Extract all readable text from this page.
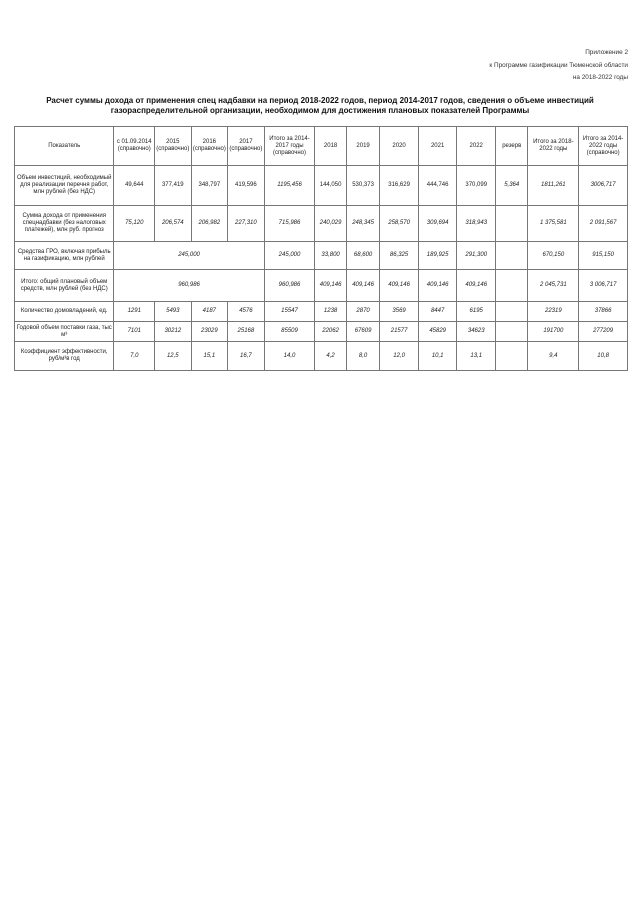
Приложение 2
к Программе газификации Тюменской области
на 2018-2022 годы
Расчет суммы дохода от применения спец надбавки на период 2018-2022 годов, период 2014-2017 годов, сведения о объеме инвестиций газораспределительной организации, необходимом для достижения плановых показателей Программы
Показатель	с 01.09.2014 (справочно)	2015 (справочно)	2016 (справочно)	2017 (справочно)	Итого за 2014-2017 годы (справочно)	2018	2019	2020	2021	2022	резерв	Итого за 2018-2022 годы	Итого за 2014-2022 годы (справочно)
Объем инвестиций, необходимый для реализации перечня работ, млн рублей (без НДС)	49,644	377,419	348,797	419,596	1195,456	144,050	530,373	316,629	444,746	370,099	5,364	1811,261	3006,717
Сумма дохода от применения спецнадбавки (без налоговых платежей), млн руб. прогноз	75,120	206,574	206,982	227,310	715,986	240,029	248,345	258,570	309,694	318,943		1 375,581	2 091,567
Средства ГРО, включая прибыль на газификацию, млн рублей	245,000				245,000	33,800	68,600	86,325	189,925	291,300		670,150	915,150
Итого: общий плановый объем средств, млн рублей (без НДС)	960,986				960,986	409,146	409,146	409,146	409,146	409,146		2 045,731	3 006,717
Количество домовладений, ед.	1291	5493	4187	4576	15547	1238	2870	3569	8447	6195		22319	37866
Годовой объем поставки газа, тыс м³	7101	30212	23029	25168	85509	22062	67609	21577	45829	34623		191700	277209
Коэффициент эффективности, руб/м³в год	7,0	12,5	15,1	16,7	14,0	4,2	8,0	12,0	10,1	13,1		9,4	10,8
